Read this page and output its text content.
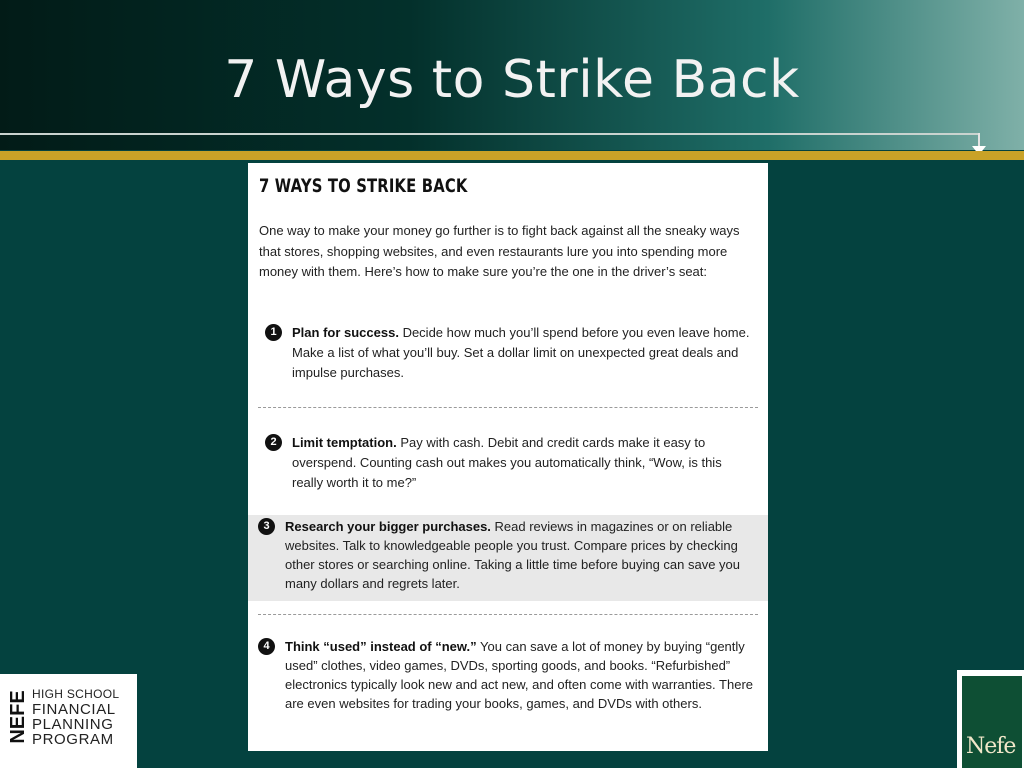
7 Ways to Strike Back
7 WAYS TO STRIKE BACK
One way to make your money go further is to fight back against all the sneaky ways that stores, shopping websites, and even restaurants lure you into spending more money with them. Here’s how to make sure you’re the one in the driver’s seat:
1	Plan for success. Decide how much you’ll spend before you even leave home. Make a list of what you’ll buy. Set a dollar limit on unexpected great deals and impulse purchases.
2	Limit temptation. Pay with cash. Debit and credit cards make it easy to overspend. Counting cash out makes you automatically think, “Wow, is this really worth it to me?”
3	Research your bigger purchases. Read reviews in magazines or on reliable websites. Talk to knowledgeable people you trust. Compare prices by checking other stores or searching online. Taking a little time before buying can save you many dollars and regrets later.
4	Think “used” instead of “new.” You can save a lot of money by buying “gently used” clothes, video games, DVDs, sporting goods, and books. “Refurbished” electronics typically look new and act new, and often come with warranties. There are even websites for trading your books, games, and DVDs with others.
NEFE HIGH SCHOOL
FINANCIAL
PLANNING
PROGRAM	Nefe
